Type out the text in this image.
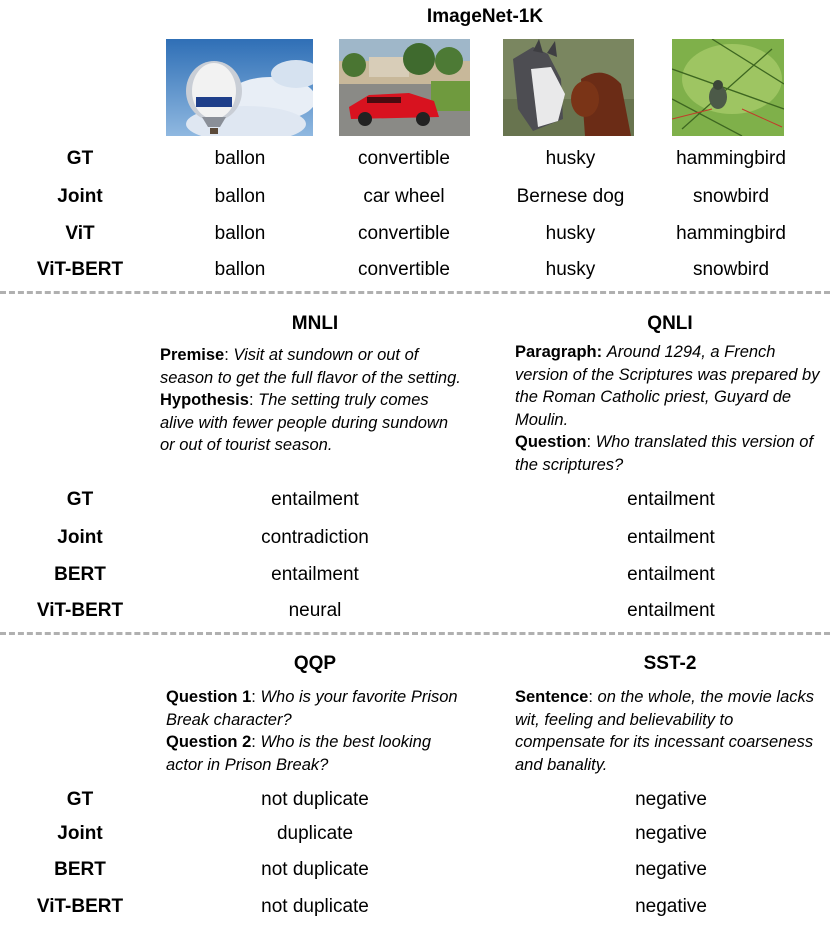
ImageNet-1K
GT	ballon	convertible	husky	hammingbird
Joint	ballon	car wheel	Bernese dog	snowbird
ViT	ballon	convertible	husky	hammingbird
ViT-BERT	ballon	convertible	husky	snowbird
MNLI	QNLI
Premise: Visit at sundown or out of season to get the full flavor of the setting.
Hypothesis: The setting truly comes alive with fewer people during sundown or out of tourist season.
Paragraph: Around 1294, a French version of the Scriptures was prepared by the Roman Catholic priest, Guyard de Moulin.
Question: Who translated this version of the scriptures?
GT	entailment	entailment
Joint	contradiction	entailment
BERT	entailment	entailment
ViT-BERT	neural	entailment
QQP	SST-2
Question 1: Who is your favorite Prison Break character?
Question 2: Who is the best looking actor in Prison Break?
Sentence: on the whole, the movie lacks wit, feeling and believability to compensate for its incessant coarseness and banality.
GT	not duplicate	negative
Joint	duplicate	negative
BERT	not duplicate	negative
ViT-BERT	not duplicate	negative
